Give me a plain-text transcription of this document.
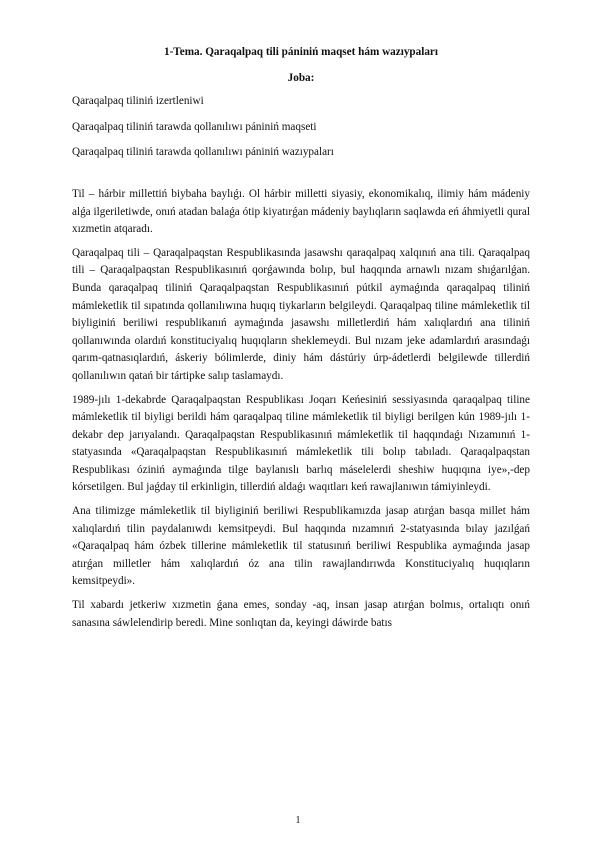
1-Tema. Qaraqalpaq tili pániniń maqset hám wazıypaları
Joba:
Qaraqalpaq tiliniń izertleniwi
Qaraqalpaq tiliniń tarawda qollanılıwı pániniń maqseti
Qaraqalpaq tiliniń tarawda qollanılıwı pániniń wazıypaları

Til – hárbir millettiń biybaha baylıǵı. Ol hárbir milletti siyasiy, ekonomikalıq, ilimiy hám mádeniy alǵa ilgeriletiwde, onıń atadan balaǵa ótip kiyatırǵan mádeniy baylıqların saqlawda eń áhmiyetli qural xızmetin atqaradı.

Qaraqalpaq tili – Qaraqalpaqstan Respublikasında jasawshı qaraqalpaq xalqınıń ana tili. Qaraqalpaq tili – Qaraqalpaqstan Respublikasınıń qorǵawında bolıp, bul haqqında arnawlı nızam shıǵarılǵan. Bunda qaraqalpaq tiliniń Qaraqalpaqstan Respublikasınıń pútkil aymaǵında qaraqalpaq tiliniń mámleketlik til sıpatında qollanılıwına huqıq tiykarların belgileydi. Qaraqalpaq tiline mámleketlik til biyliginiń beriliwi respublikanıń aymaǵında jasawshı milletlerdiń hám xalıqlardıń ana tiliniń qollanıwında olardıń konstituciyalıq huqıqların sheklemeydi. Bul nızam jeke adamlardıń arasındaǵı qarım-qatnasıqlardıń, áskeriy bólimlerde, diniy hám dástúriy úrp-ádetlerdi belgilewde tillerdiń qollanılıwın qatań bir tártipke salıp taslamaydı.

1989-jılı 1-dekabrde Qaraqalpaqstan Respublikası Joqarı Keńesiniń sessiyasında qaraqalpaq tiline mámleketlik til biyligi berildi hám qaraqalpaq tiline mámleketlik til biyligi berilgen kún 1989-jılı 1-dekabr dep jarıyalandı. Qaraqalpaqstan Respublikasınıń mámleketlik til haqqındaǵı Nızamınıń 1-statyasında «Qaraqalpaqstan Respublikasınıń mámleketlik tili bolıp tabıladı. Qaraqalpaqstan Respublikası óziniń aymaǵında tilge baylanıslı barlıq máselelerdi sheshiw huqıqına iye»,-dep kórsetilgen. Bul jaǵday til erkinligin, tillerdiń aldaǵı waqıtları keń rawajlanıwın támiyinleydi.

Ana tilimizge mámleketlik til biyliginiń beriliwi Respublikamızda jasap atırǵan basqa millet hám xalıqlardıń tilin paydalanıwdı kemsitpeydi. Bul haqqında nızamnıń 2-statyasında bılay jazılǵań «Qaraqalpaq hám ózbek tillerine mámleketlik til statusınıń beriliwi Respublika aymaǵında jasap atırǵan milletler hám xalıqlardıń óz ana tilin rawajlandırıwda Konstituciyalıq huqıqların kemsitpeydi».

Til xabardı jetkeriw xızmetin ǵana emes, sonday -aq, insan jasap atırǵan bolmıs, ortalıqtı onıń sanasına sáwlelendirip beredi. Mine sonlıqtan da, keyingi dáwirde batıs

1
